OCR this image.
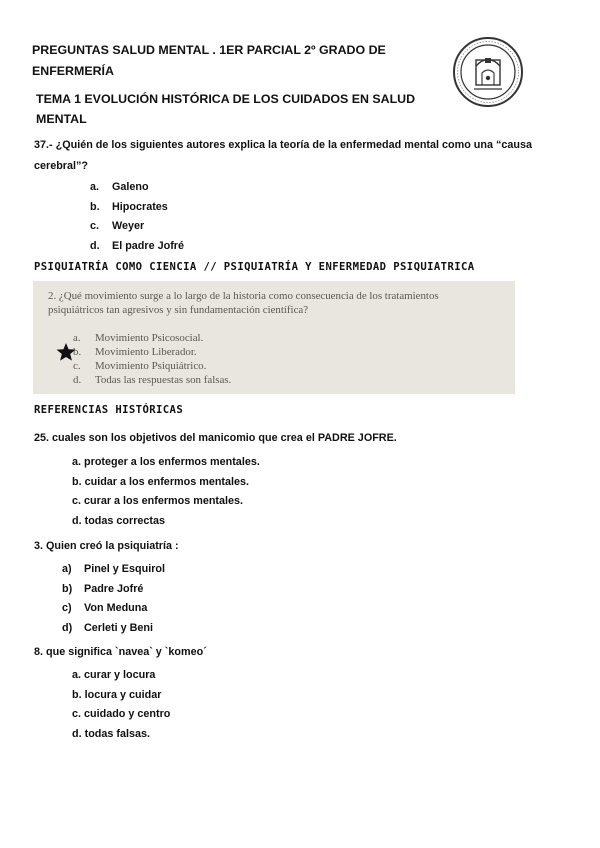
PREGUNTAS SALUD MENTAL . 1ER PARCIAL 2º GRADO DE
ENFERMERÍA
TEMA 1 EVOLUCIÓN HISTÓRICA DE LOS CUIDADOS EN SALUD
MENTAL
37.- ¿Quién de los siguientes autores explica la teoría de la enfermedad mental como una “causa
cerebral”?
a. Galeno
b. Hipocrates
c. Weyer
d. El padre Jofré
PSIQUIATRÍA COMO CIENCIA // PSIQUIATRÍA Y ENFERMEDAD PSIQUIATRICA
2. ¿Qué movimiento surge a lo largo de la historia como consecuencia de los tratamientos
psiquiátricos tan agresivos y sin fundamentación científica?
a. Movimiento Psicosocial.
b. Movimiento Liberador.
c. Movimiento Psiquiátrico.
d. Todas las respuestas son falsas.
REFERENCIAS HISTÓRICAS
25. cuales son los objetivos del manicomio que crea el PADRE JOFRE.
a. proteger a los enfermos mentales.
b. cuidar a los enfermos mentales.
c. curar a los enfermos mentales.
d. todas correctas
3. Quien creó la psiquiatría :
a) Pinel y Esquirol
b) Padre Jofré
c) Von Meduna
d) Cerleti y Beni
8. que significa `navea` y `komeo´
a. curar y locura
b. locura y cuidar
c. cuidado y centro
d. todas falsas.
